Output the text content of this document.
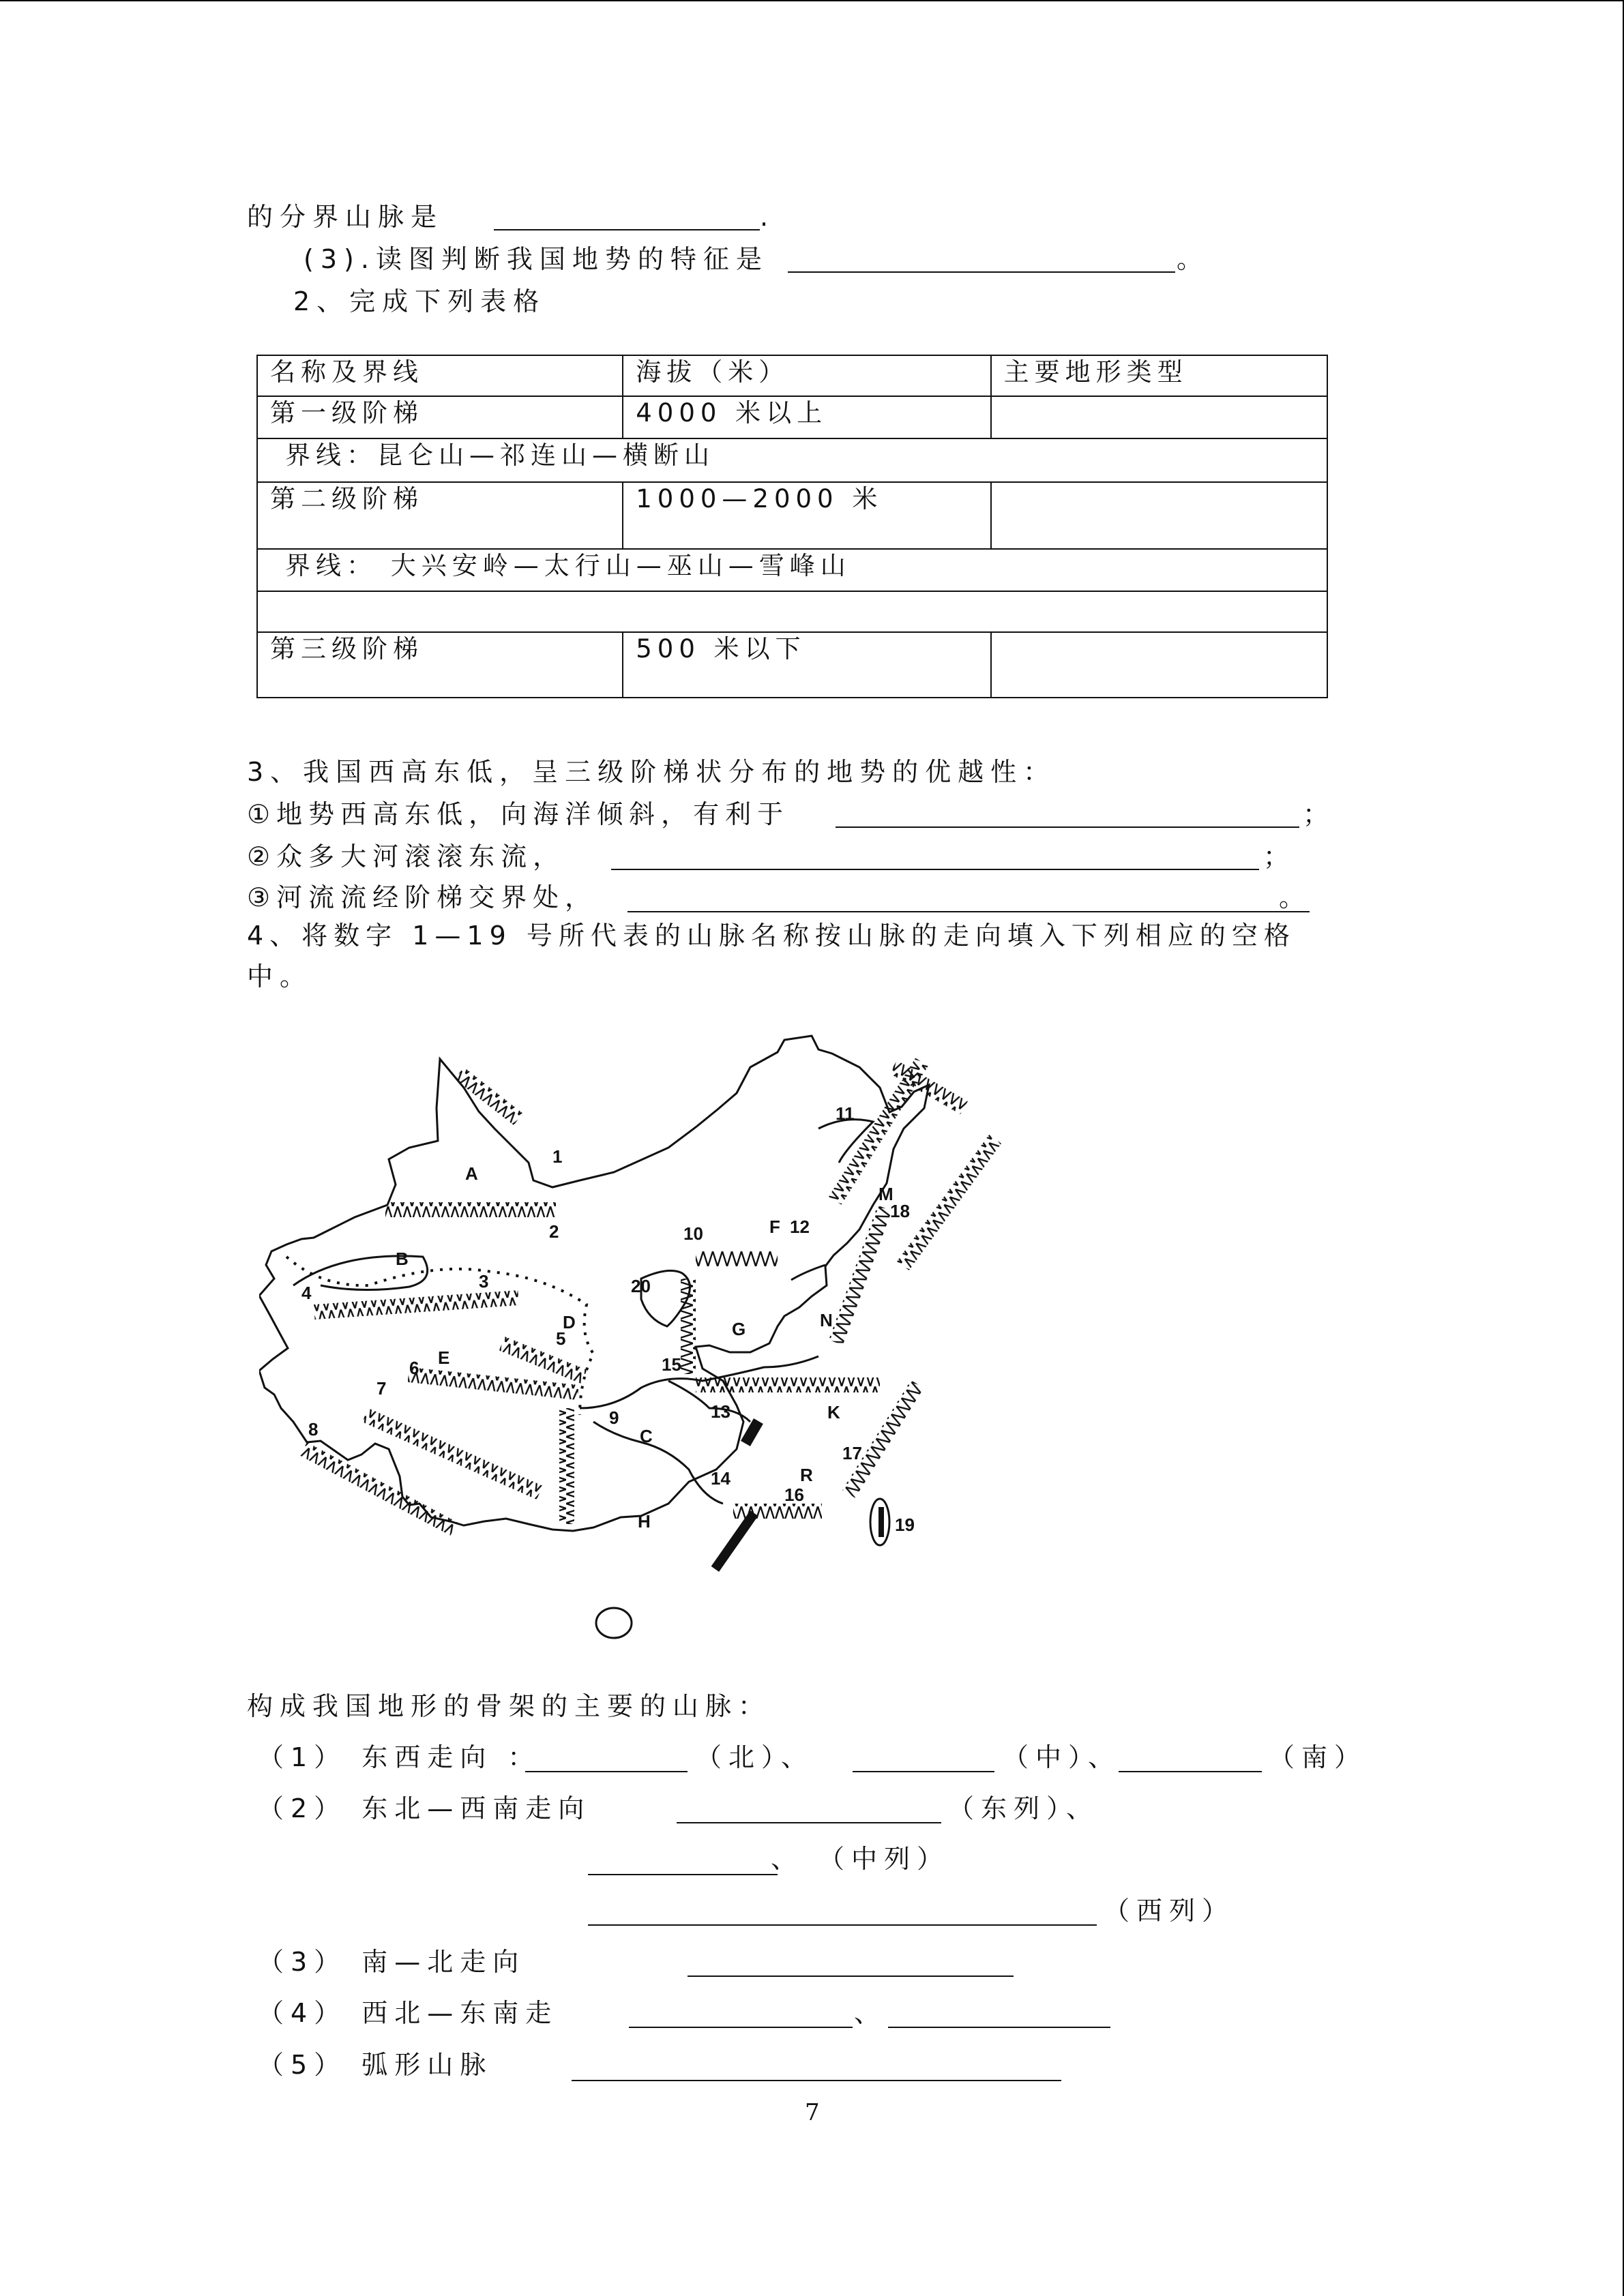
的分界山脉是	.
(3).读图判断我国地势的特征是	。
2、完成下列表格
名称及界线	海拔（米）	主要地形类型
第一级阶梯	4000 米以上	
界线：昆仑山—祁连山—横断山		
第二级阶梯	1000—2000 米	
界线： 大兴安岭—太行山—巫山—雪峰山		

第三级阶梯	500 米以下	
3、我国西高东低，呈三级阶梯状分布的地势的优越性：
①地势西高东低，向海洋倾斜，有利于	；
②众多大河滚滚东流，	；
③河流流经阶梯交界处，	。
4、将数字 1—19 号所代表的山脉名称按山脉的走向填入下列相应的空格
中。
1
2
3
4
5
6
7
8
9
10
11
12
13
14
15
16
17
18
19
20
A
B
C
D
E
F
G
H
K
M
N
R
构成我国地形的骨架的主要的山脉：
（1） 东西走向 ：	（北）、	（中）、	（南）
（2） 东北—西南走向	（东列）、
、 （中列）
（西列）
（3） 南—北走向
（4） 西北—东南走	、
（5） 弧形山脉
7
